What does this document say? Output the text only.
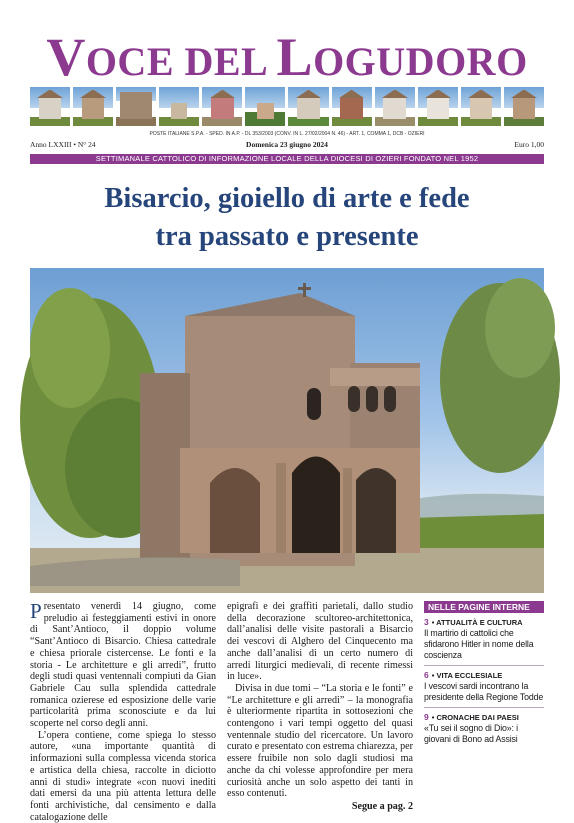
VOCE DEL LOGUDORO
POSTE ITALIANE S.P.A. - SPED. IN A.P. - DL 353/2003 (CONV. IN L. 27/02/2004 N. 46) - ART. 1, COMMA 1, DCB - OZIERI
Anno LXXIII • N° 24	Domenica 23 giugno 2024	Euro 1,00
SETTIMANALE CATTOLICO DI INFORMAZIONE LOCALE DELLA DIOCESI DI OZIERI FONDATO NEL 1952
Bisarcio, gioiello di arte e fede
tra passato e presente

Presentato venerdì 14 giugno, come preludio ai festeggiamenti estivi in onore di Sant’Antioco, il doppio volume “Sant’Antioco di Bisarcio. Chiesa cattedrale e chiesa priorale cistercense. Le fonti e la storia - Le architetture e gli arredi”, frutto degli studi quasi ventennali compiuti da Gian Gabriele Cau sulla splendida cattedrale romanica ozierese ed esposizione delle varie particolarità prima sconosciute e da lui scoperte nel corso degli anni.

L’opera contiene, come spiega lo stesso autore, «una importante quantità di informazioni sulla complessa vicenda storica e artistica della chiesa, raccolte in diciotto anni di studi» integrate «con nuovi inediti dati emersi da una più attenta lettura delle fonti archivistiche, dal censimento e dalla catalogazione delle

epigrafi e dei graffiti parietali, dallo studio della decorazione scultoreo-architettonica, dall’analisi delle visite pastorali a Bisarcio dei vescovi di Alghero del Cinquecento ma anche dall’analisi di un certo numero di arredi liturgici medievali, di recente rimessi in luce».

Divisa in due tomi – “La storia e le fonti” e “Le architetture e gli arredi” – la monografia è ulteriormente ripartita in sottosezioni che contengono i vari tempi oggetto del quasi ventennale studio del ricercatore. Un lavoro curato e presentato con estrema chiarezza, per essere fruibile non solo dagli studiosi ma anche da chi volesse approfondire per mera curiosità anche un solo aspetto dei tanti in esso contenuti.

Segue a pag. 2
NELLE PAGINE INTERNE
3 • ATTUALITÀ E CULTURA
Il martirio di cattolici che sfidarono Hitler in nome della coscienza
6 • VITA ECCLESIALE
I vescovi sardi incontrano la presidente della Regione Todde
9 • CRONACHE DAI PAESI
«Tu sei il sogno di Dio»: i giovani di Bono ad Assisi
